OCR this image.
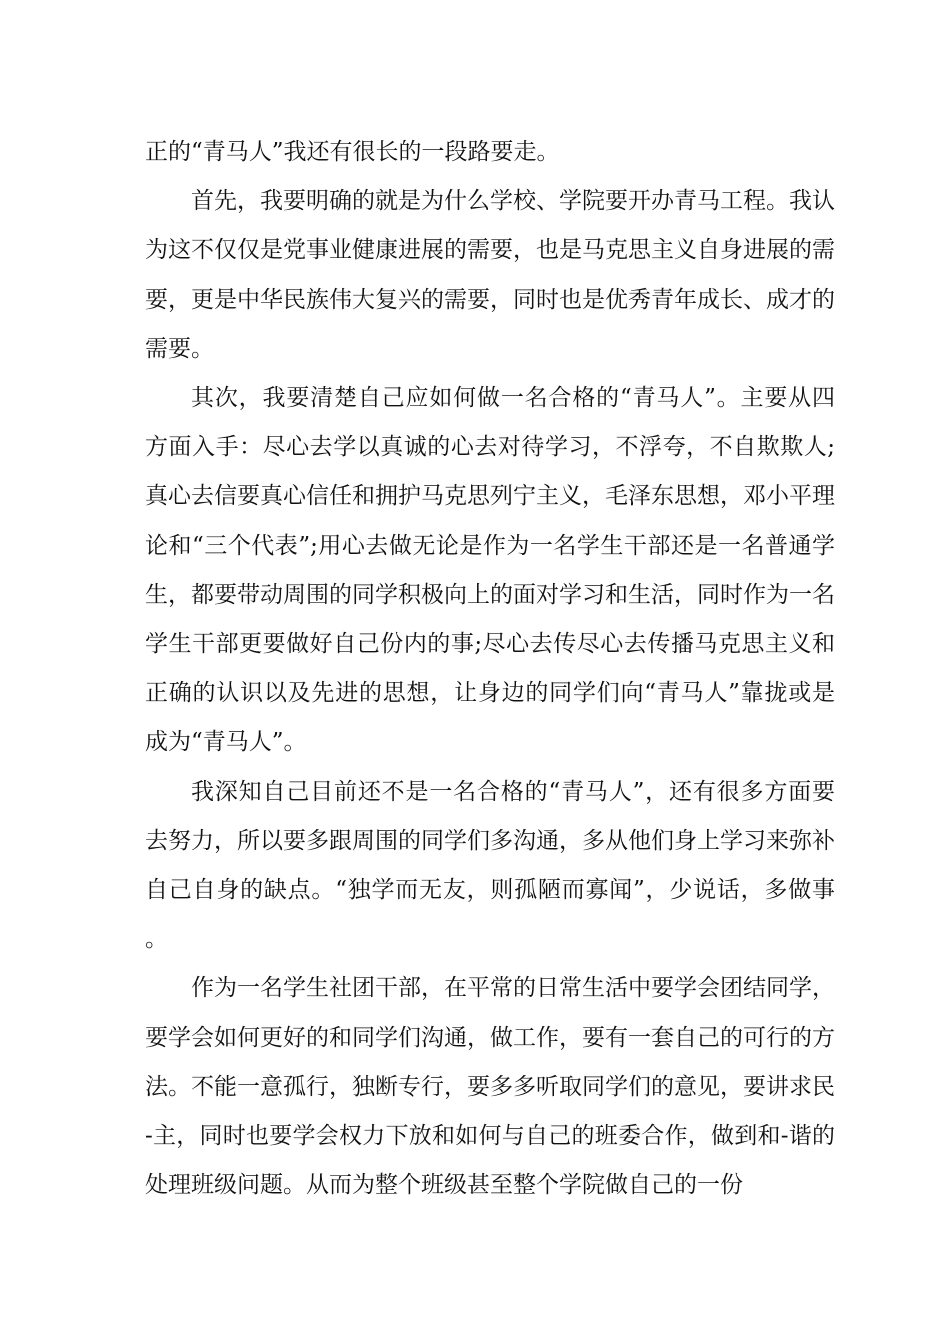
正的“青马人”我还有很长的一段路要走。

首先，我要明确的就是为什么学校、学院要开办青马工程。我认为这不仅仅是党事业健康进展的需要，也是马克思主义自身进展的需要，更是中华民族伟大复兴的需要，同时也是优秀青年成长、成才的需要。

其次，我要清楚自己应如何做一名合格的“青马人”。主要从四方面入手：尽心去学以真诚的心去对待学习，不浮夸，不自欺欺人;真心去信要真心信任和拥护马克思列宁主义，毛泽东思想，邓小平理论和“三个代表”;用心去做无论是作为一名学生干部还是一名普通学生，都要带动周围的同学积极向上的面对学习和生活，同时作为一名学生干部更要做好自己份内的事;尽心去传尽心去传播马克思主义和正确的认识以及先进的思想，让身边的同学们向“青马人”靠拢或是成为“青马人”。

我深知自己目前还不是一名合格的“青马人”，还有很多方面要去努力，所以要多跟周围的同学们多沟通，多从他们身上学习来弥补自己自身的缺点。“独学而无友，则孤陋而寡闻”，少说话，多做事。

作为一名学生社团干部，在平常的日常生活中要学会团结同学，要学会如何更好的和同学们沟通，做工作，要有一套自己的可行的方法。不能一意孤行，独断专行，要多多听取同学们的意见，要讲求民-主，同时也要学会权力下放和如何与自己的班委合作，做到和-谐的处理班级问题。从而为整个班级甚至整个学院做自己的一份
